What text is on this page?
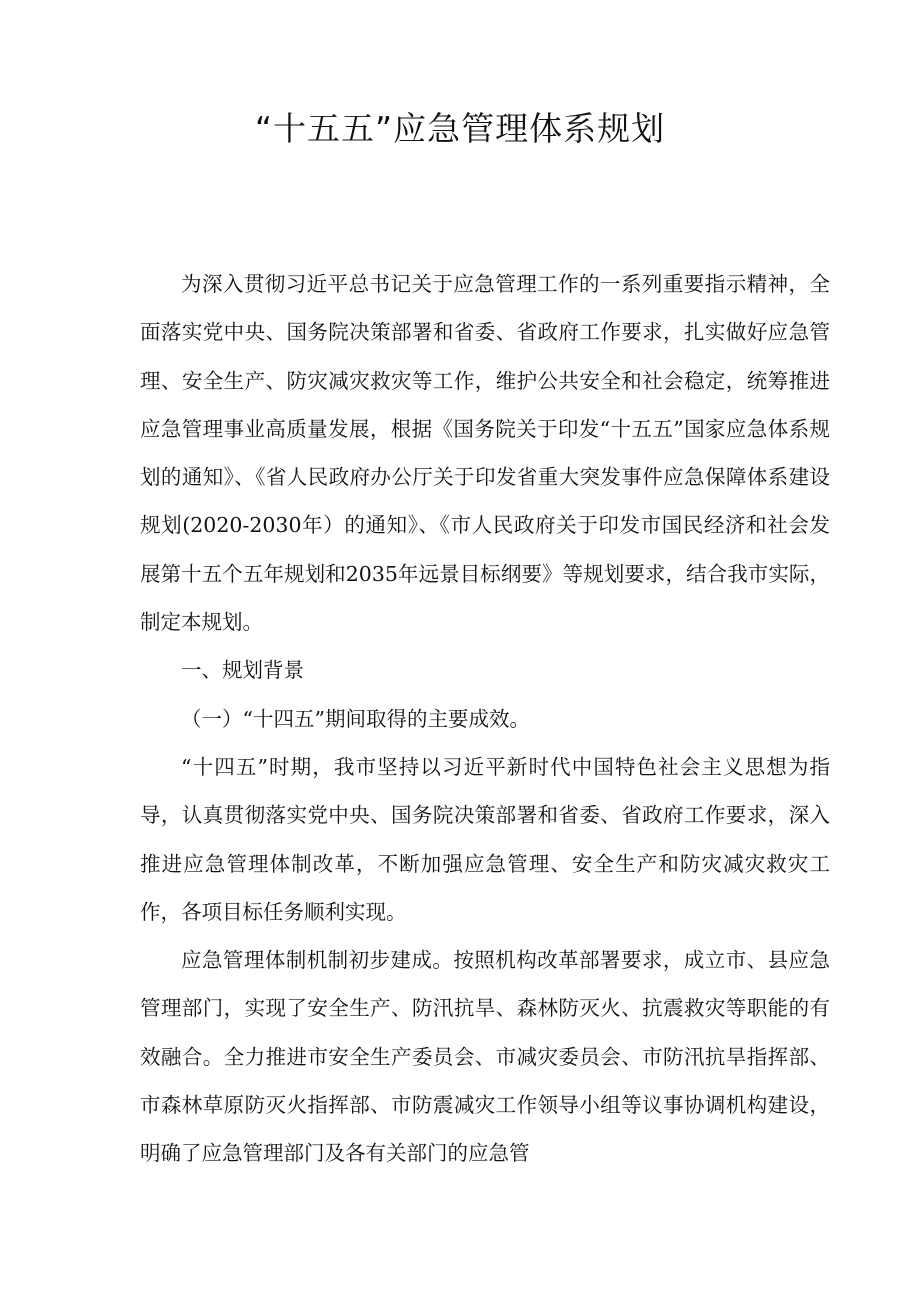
“十五五”应急管理体系规划

为深入贯彻习近平总书记关于应急管理工作的一系列重要指示精神，全面落实党中央、国务院决策部署和省委、省政府工作要求，扎实做好应急管理、安全生产、防灾减灾救灾等工作，维护公共安全和社会稳定，统筹推进应急管理事业高质量发展，根据《国务院关于印发“十五五”国家应急体系规划的通知》、《省人民政府办公厅关于印发省重大突发事件应急保障体系建设规划(2020-2030年）的通知》、《市人民政府关于印发市国民经济和社会发展第十五个五年规划和2035年远景目标纲要》等规划要求，结合我市实际，制定本规划。

一、规划背景

（一）“十四五”期间取得的主要成效。

“十四五”时期，我市坚持以习近平新时代中国特色社会主义思想为指导，认真贯彻落实党中央、国务院决策部署和省委、省政府工作要求，深入推进应急管理体制改革，不断加强应急管理、安全生产和防灾减灾救灾工作，各项目标任务顺利实现。

应急管理体制机制初步建成。按照机构改革部署要求，成立市、县应急管理部门，实现了安全生产、防汛抗旱、森林防灭火、抗震救灾等职能的有效融合。全力推进市安全生产委员会、市减灾委员会、市防汛抗旱指挥部、市森林草原防灭火指挥部、市防震减灾工作领导小组等议事协调机构建设，明确了应急管理部门及各有关部门的应急管
